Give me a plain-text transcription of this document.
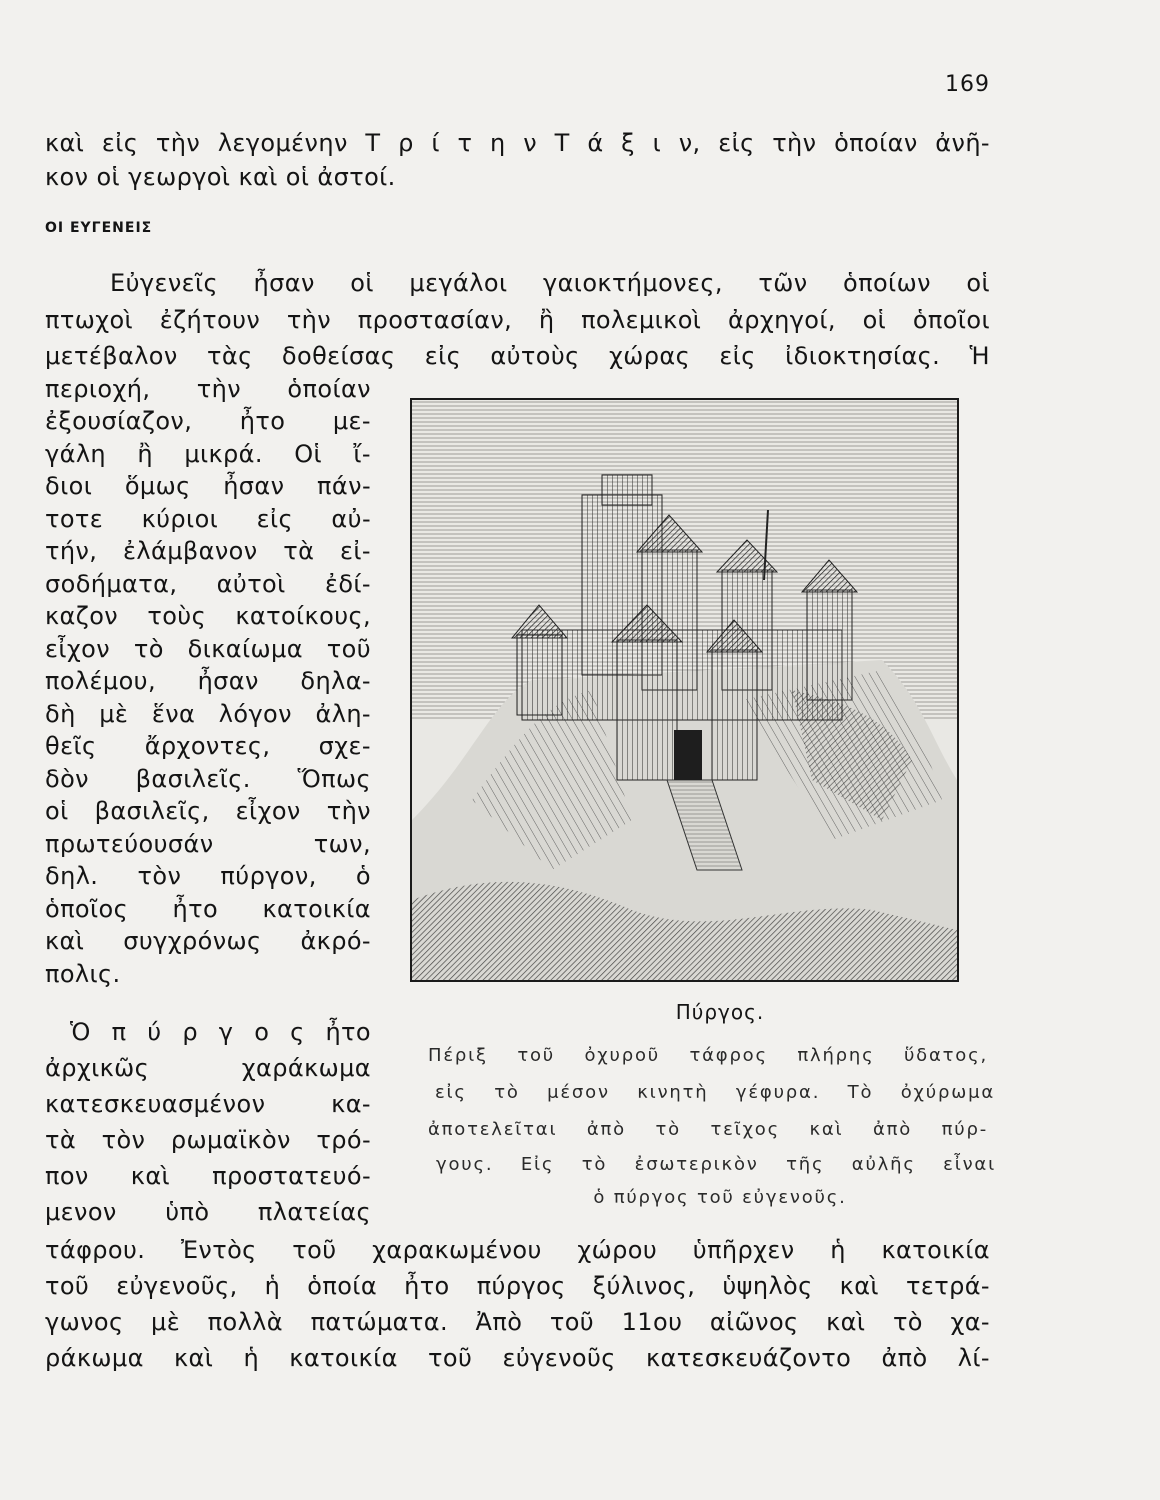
169
καὶ εἰς τὴν λεγομένην Τ ρ ί τ η ν Τ ά ξ ι ν, εἰς τὴν ὁποίαν ἀνῆ-
κον οἱ γεωργοὶ καὶ οἱ ἀστοί.
ΟΙ ΕΥΓΕΝΕΙΣ
Εὐγενεῖς ἦσαν οἱ μεγάλοι γαιοκτήμονες, τῶν ὁποίων οἱ
πτωχοὶ ἐζήτουν τὴν προστασίαν, ἢ πολεμικοὶ ἀρχηγοί, οἱ ὁποῖοι
μετέβαλον τὰς δοθείσας εἰς αὐτοὺς χώρας εἰς ἰδιοκτησίας. Ἡ
περιοχή, τὴν ὁποίαν
ἐξουσίαζον, ἦτο με-
γάλη ἢ μικρά. Οἱ ἴ-
διοι ὅμως ἦσαν πάν-
τοτε κύριοι εἰς αὐ-
τήν, ἐλάμβανον τὰ εἰ-
σοδήματα, αὐτοὶ ἐδί-
καζον τοὺς κατοίκους,
εἶχον τὸ δικαίωμα τοῦ
πολέμου, ἦσαν δηλα-
δὴ μὲ ἕνα λόγον ἀλη-
θεῖς ἄρχοντες, σχε-
δὸν βασιλεῖς. Ὅπως
οἱ βασιλεῖς, εἶχον τὴν
πρωτεύουσάν των,
δηλ. τὸν πύργον, ὁ
ὁποῖος ἦτο κατοικία
καὶ συγχρόνως ἀκρό-
πολις.
Ὁ π ύ ρ γ ο ς ἦτο
ἀρχικῶς χαράκωμα
κατεσκευασμένον κα-
τὰ τὸν ρωμαϊκὸν τρό-
πον καὶ προστατευό-
μενον ὑπὸ πλατείας
τάφρου. Ἐντὸς τοῦ χαρακωμένου χώρου ὑπῆρχεν ἡ κατοικία
τοῦ εὐγενοῦς, ἡ ὁποία ἦτο πύργος ξύλινος, ὑψηλὸς καὶ τετρά-
γωνος μὲ πολλὰ πατώματα. Ἀπὸ τοῦ 11ου αἰῶνος καὶ τὸ χα-
ράκωμα καὶ ἡ κατοικία τοῦ εὐγενοῦς κατεσκευάζοντο ἀπὸ λί-
Πύργος.
Πέριξ τοῦ ὀχυροῦ τάφρος πλήρης ὕδατος,
εἰς τὸ μέσον κινητὴ γέφυρα. Τὸ ὀχύρωμα
ἀποτελεῖται ἀπὸ τὸ τεῖχος καὶ ἀπὸ πύρ-
γους. Εἰς τὸ ἐσωτερικὸν τῆς αὐλῆς εἶναι
ὁ πύργος τοῦ εὐγενοῦς.
